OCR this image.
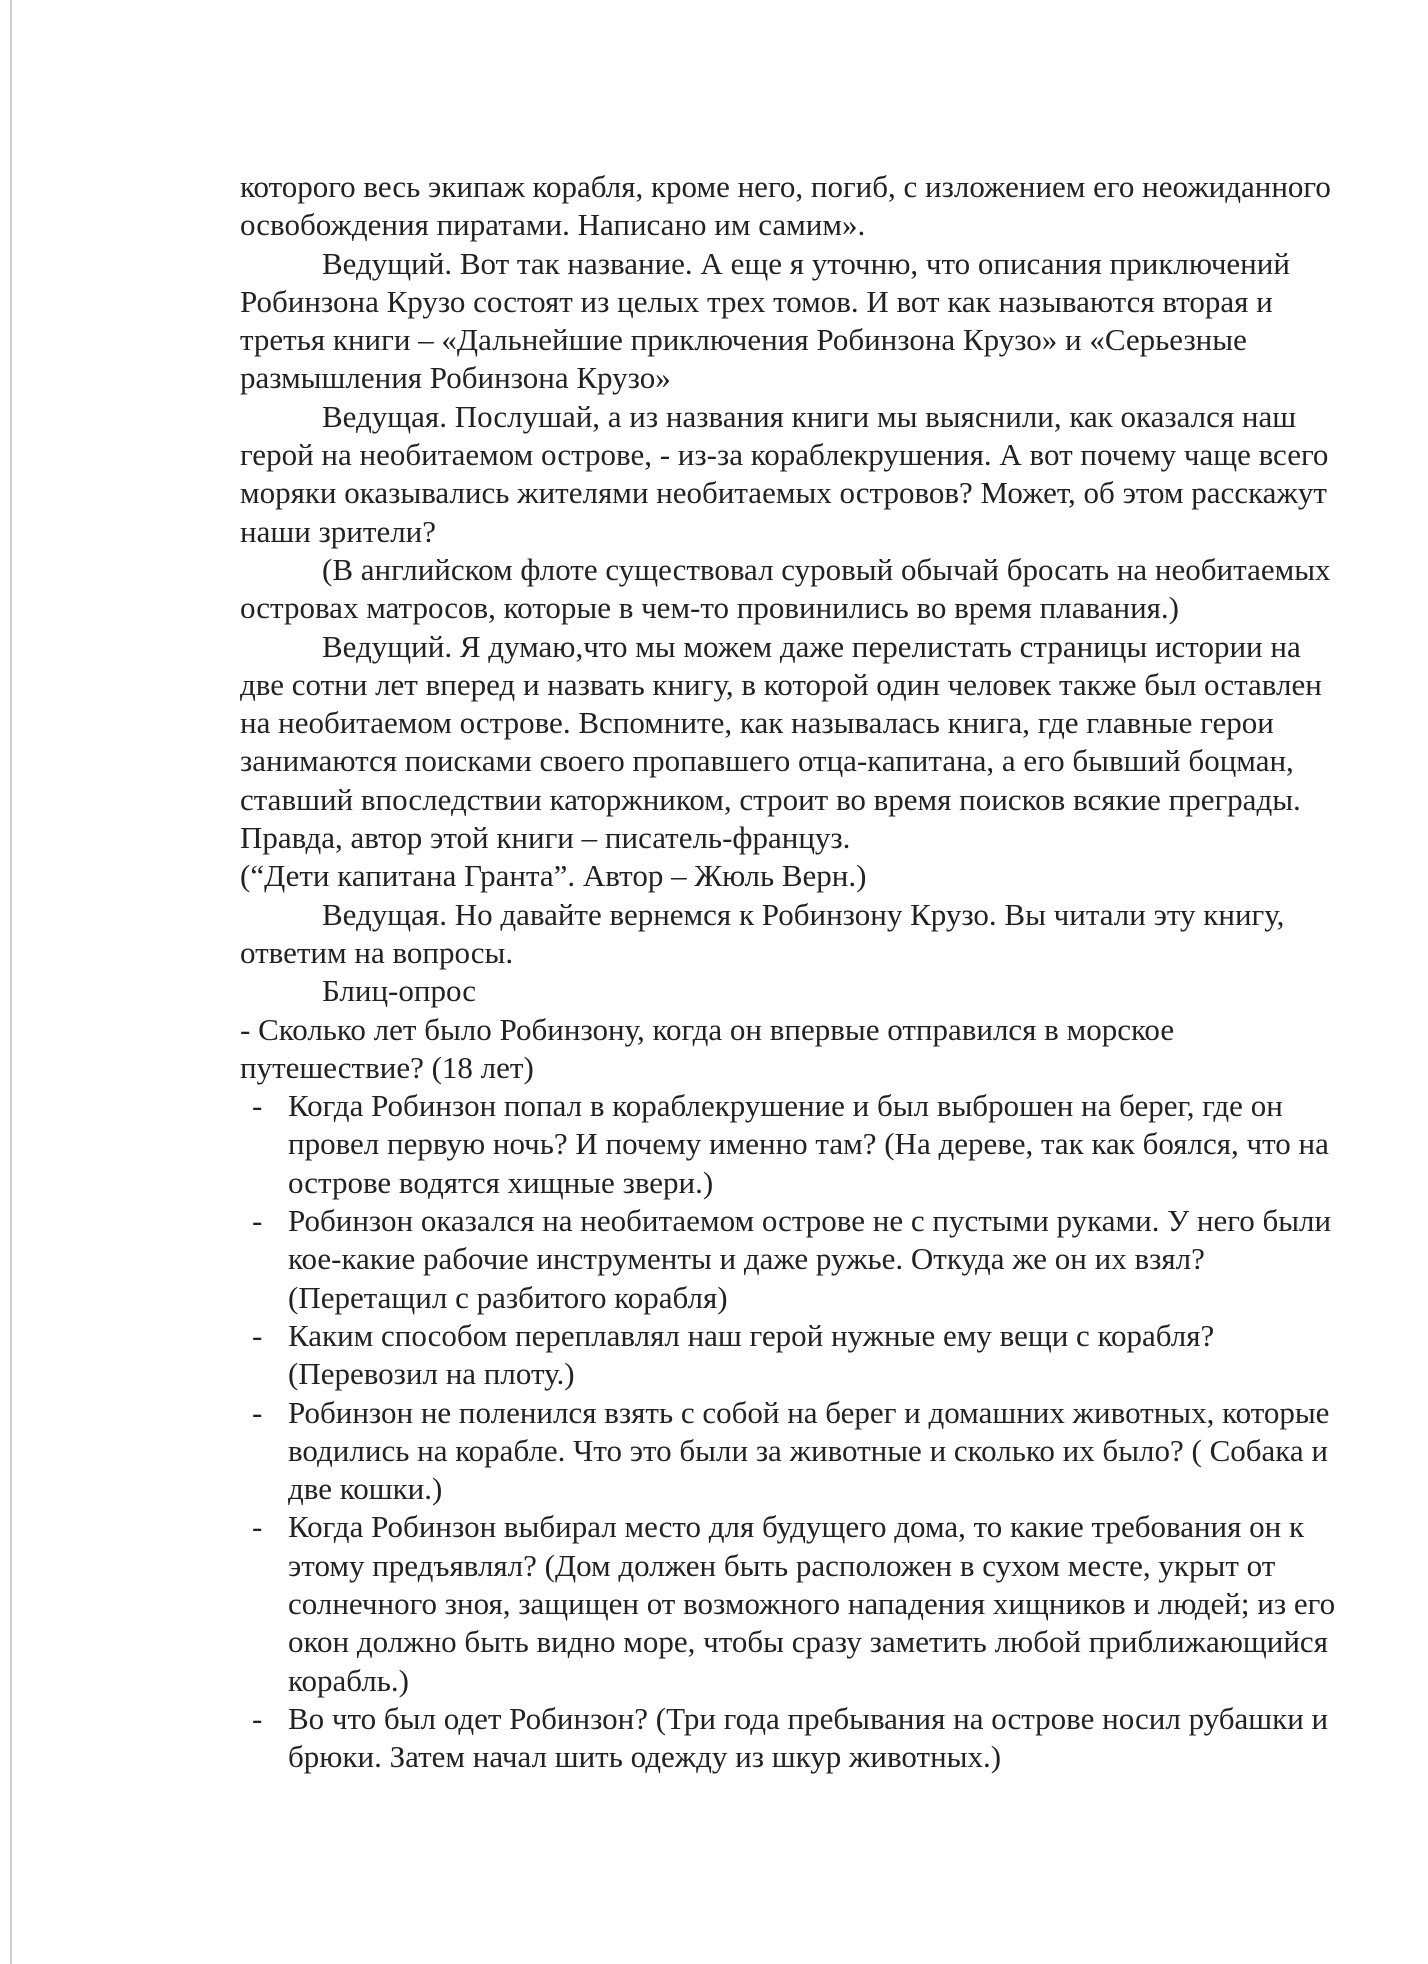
которого весь экипаж корабля, кроме него, погиб, с изложением его неожиданного освобождения пиратами. Написано им самим».

Ведущий. Вот так название. А еще я уточню, что описания приключений Робинзона Крузо состоят из целых трех томов. И вот как называются вторая и третья книги – «Дальнейшие приключения Робинзона Крузо» и «Серьезные размышления Робинзона Крузо»

Ведущая. Послушай, а из названия книги мы выяснили, как оказался наш герой на необитаемом острове, - из-за кораблекрушения. А вот почему чаще всего моряки оказывались жителями необитаемых островов? Может, об этом расскажут наши зрители?

(В английском флоте существовал суровый обычай бросать на необитаемых островах матросов, которые в чем-то провинились во время плавания.)

Ведущий. Я думаю,что мы можем даже перелистать страницы истории на две сотни лет вперед и назвать книгу, в которой один человек также был оставлен на необитаемом острове. Вспомните, как называлась книга, где главные герои занимаются поисками своего пропавшего отца-капитана, а его бывший боцман, ставший впоследствии каторжником, строит во время поисков всякие преграды. Правда, автор этой книги – писатель-француз.

(“Дети капитана Гранта”. Автор – Жюль Верн.)

Ведущая. Но давайте вернемся к Робинзону Крузо. Вы читали эту книгу, ответим на вопросы.

Блиц-опрос

- Сколько лет было Робинзону, когда он впервые отправился в морское путешествие? (18 лет)

- Когда Робинзон попал в кораблекрушение и был выброшен на берег, где он провел первую ночь? И почему именно там? (На дереве, так как боялся, что на острове водятся хищные звери.)
- Робинзон оказался на необитаемом острове не с пустыми руками. У него были кое-какие рабочие инструменты и даже ружье. Откуда же он их взял? (Перетащил с разбитого корабля)
- Каким способом переплавлял наш герой нужные ему вещи с корабля? (Перевозил на плоту.)
- Робинзон не поленился взять с собой на берег и домашних животных, которые водились на корабле. Что это были за животные и сколько их было? ( Собака и две кошки.)
- Когда Робинзон выбирал место для будущего дома, то какие требования он к этому предъявлял? (Дом должен быть расположен в сухом месте, укрыт от солнечного зноя, защищен от возможного нападения хищников и людей; из его окон должно быть видно море, чтобы сразу заметить любой приближающийся корабль.)
- Во что был одет Робинзон? (Три года пребывания на острове носил рубашки и брюки. Затем начал шить одежду из шкур животных.)
